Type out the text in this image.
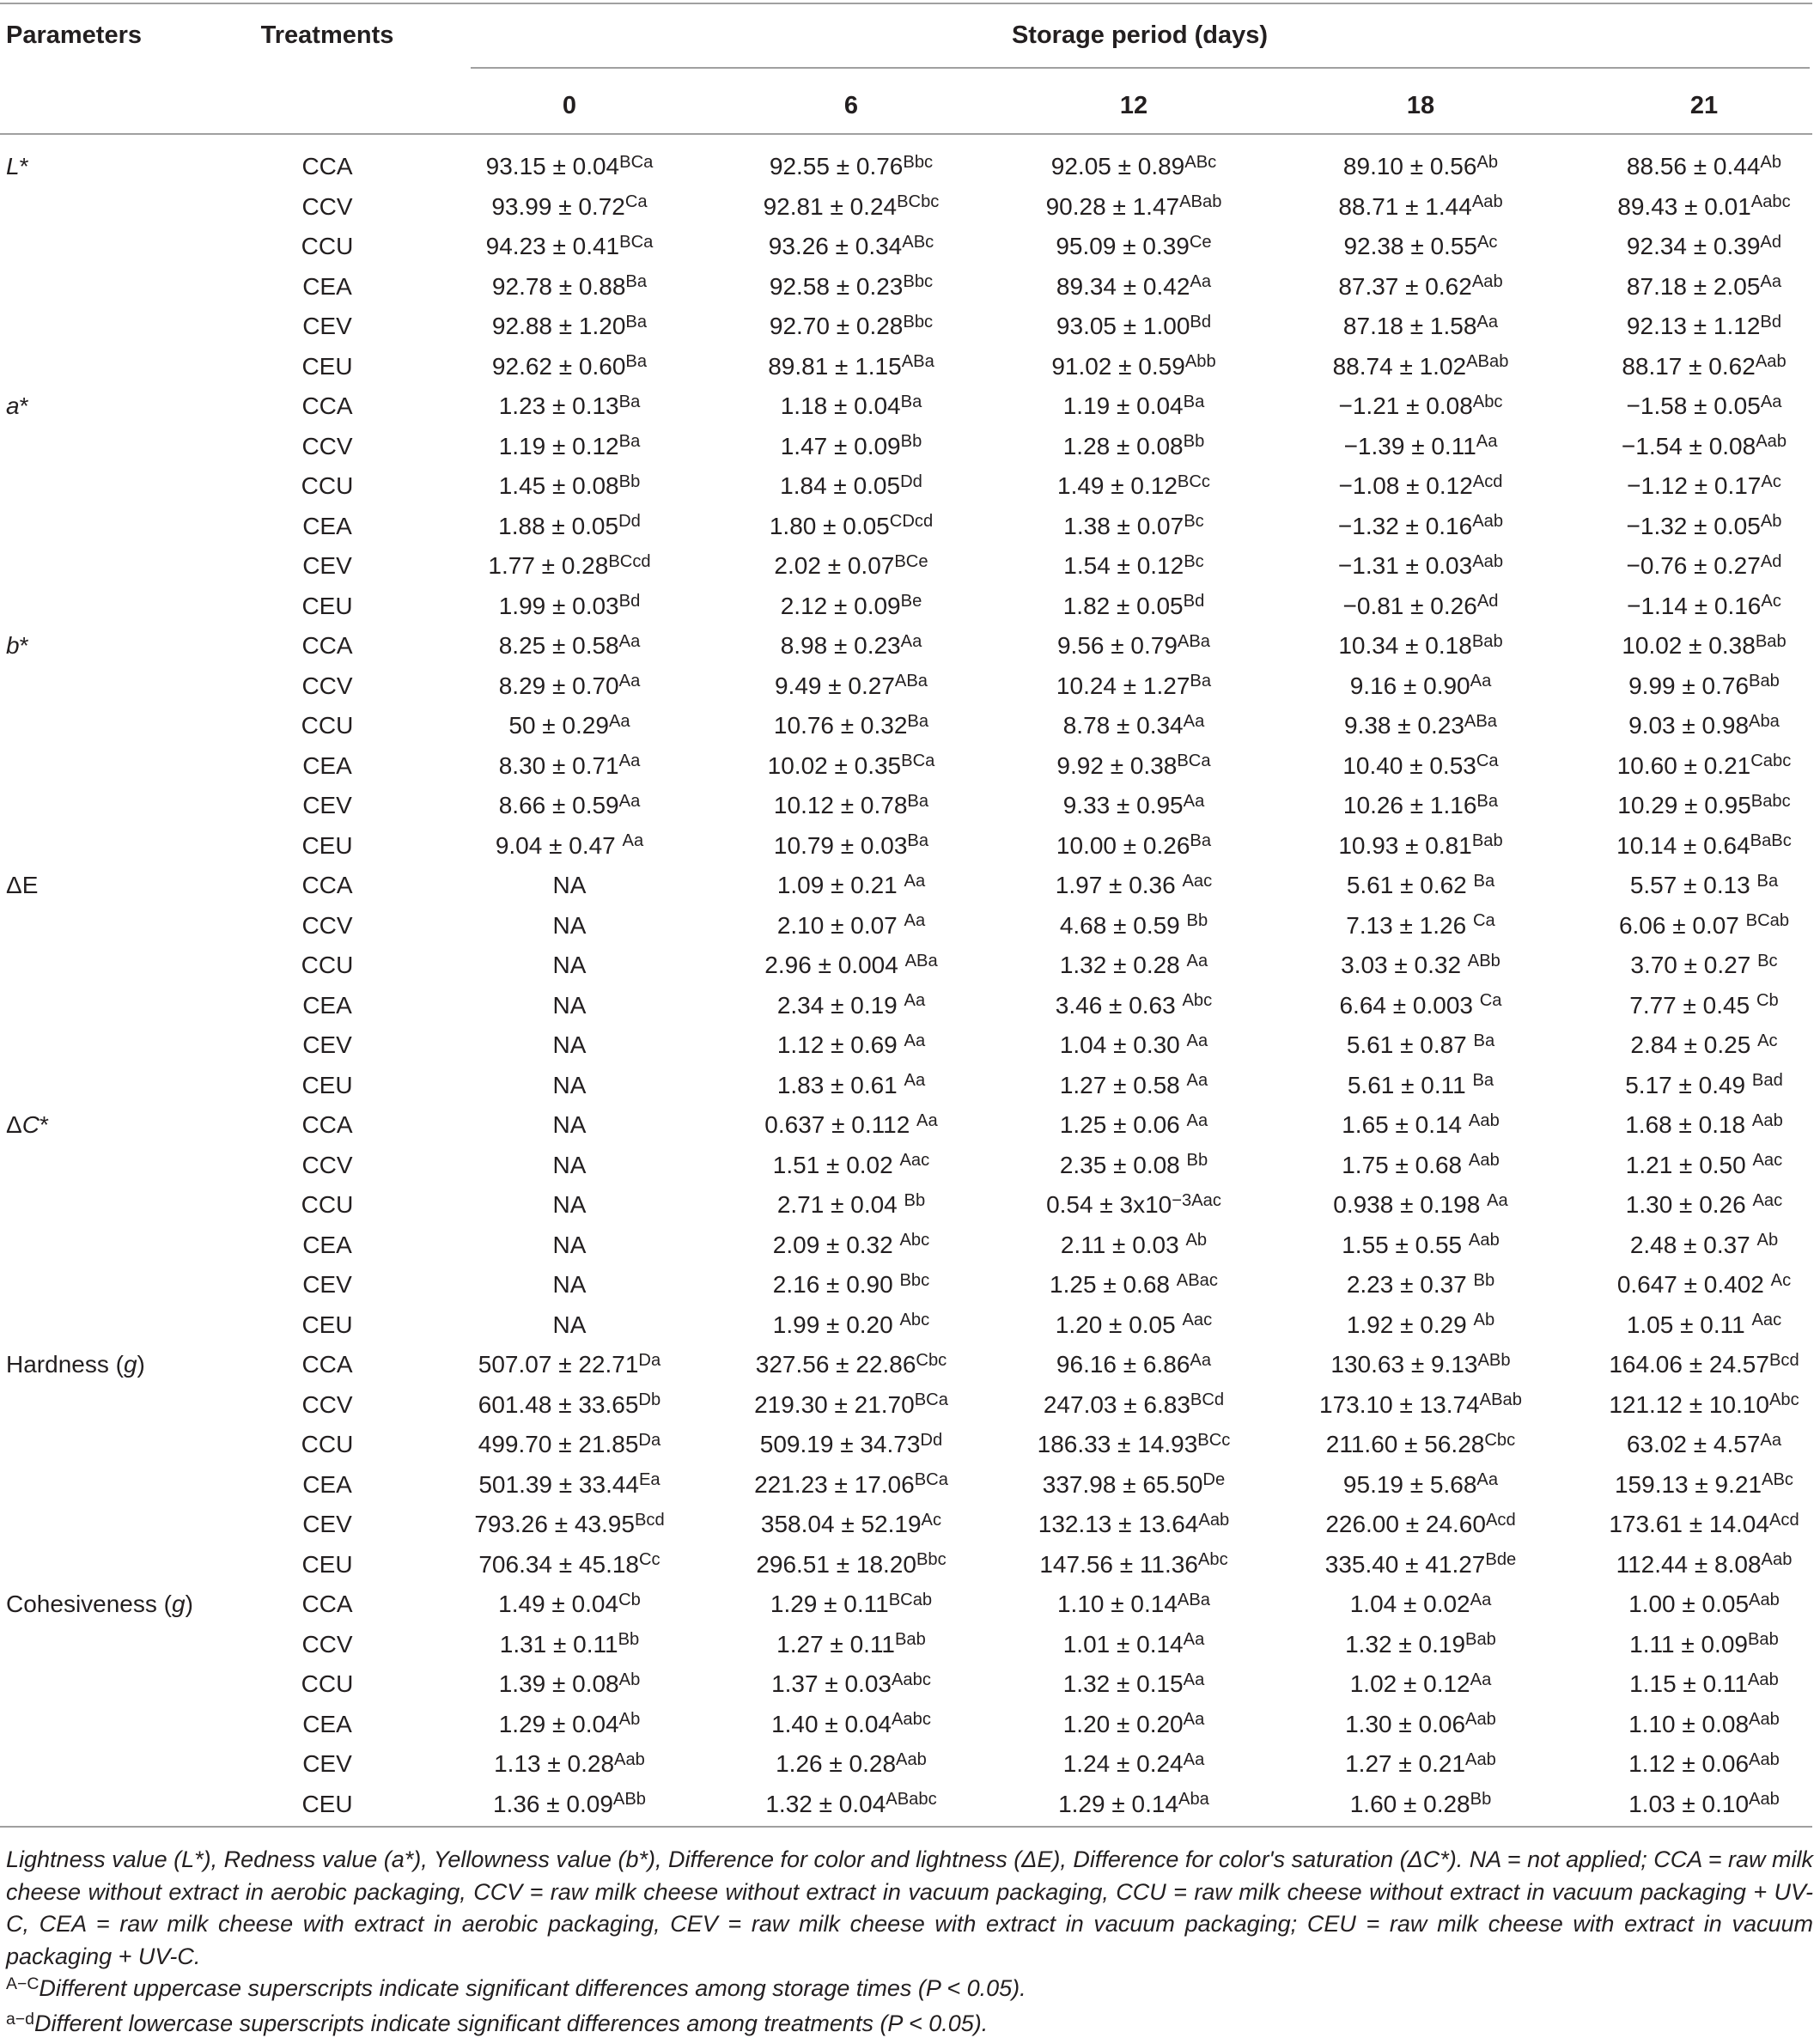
Parameters	Treatments	Storage period (days)
0	6	12	18	21
L*	CCA	$93.15 \pm 0.04^{BCa}$	$92.55 \pm 0.76^{Bbc}$	$92.05 \pm 0.89^{ABc}$	$89.10 \pm 0.56^{Ab}$	$88.56 \pm 0.44^{Ab}$
CCV	$93.99 \pm 0.72^{Ca}$	$92.81 \pm 0.24^{BCbc}$	$90.28 \pm 1.47^{ABab}$	$88.71 \pm 1.44^{Aab}$	$89.43 \pm 0.01^{Aabc}$
CCU	$94.23 \pm 0.41^{BCa}$	$93.26 \pm 0.34^{ABc}$	$95.09 \pm 0.39^{Ce}$	$92.38 \pm 0.55^{Ac}$	$92.34 \pm 0.39^{Ad}$
CEA	$92.78 \pm 0.88^{Ba}$	$92.58 \pm 0.23^{Bbc}$	$89.34 \pm 0.42^{Aa}$	$87.37 \pm 0.62^{Aab}$	$87.18 \pm 2.05^{Aa}$
CEV	$92.88 \pm 1.20^{Ba}$	$92.70 \pm 0.28^{Bbc}$	$93.05 \pm 1.00^{Bd}$	$87.18 \pm 1.58^{Aa}$	$92.13 \pm 1.12^{Bd}$
CEU	$92.62 \pm 0.60^{Ba}$	$89.81 \pm 1.15^{ABa}$	$91.02 \pm 0.59^{Abb}$	$88.74 \pm 1.02^{ABab}$	$88.17 \pm 0.62^{Aab}$
a*	CCA	$1.23 \pm 0.13^{Ba}$	$1.18 \pm 0.04^{Ba}$	$1.19 \pm 0.04^{Ba}$	$-1.21 \pm 0.08^{Abc}$	$-1.58 \pm 0.05^{Aa}$
CCV	$1.19 \pm 0.12^{Ba}$	$1.47 \pm 0.09^{Bb}$	$1.28 \pm 0.08^{Bb}$	$-1.39 \pm 0.11^{Aa}$	$-1.54 \pm 0.08^{Aab}$
CCU	$1.45 \pm 0.08^{Bb}$	$1.84 \pm 0.05^{Dd}$	$1.49 \pm 0.12^{BCc}$	$-1.08 \pm 0.12^{Acd}$	$-1.12 \pm 0.17^{Ac}$
CEA	$1.88 \pm 0.05^{Dd}$	$1.80 \pm 0.05^{CDcd}$	$1.38 \pm 0.07^{Bc}$	$-1.32 \pm 0.16^{Aab}$	$-1.32 \pm 0.05^{Ab}$
CEV	$1.77 \pm 0.28^{BCcd}$	$2.02 \pm 0.07^{BCe}$	$1.54 \pm 0.12^{Bc}$	$-1.31 \pm 0.03^{Aab}$	$-0.76 \pm 0.27^{Ad}$
CEU	$1.99 \pm 0.03^{Bd}$	$2.12 \pm 0.09^{Be}$	$1.82 \pm 0.05^{Bd}$	$-0.81 \pm 0.26^{Ad}$	$-1.14 \pm 0.16^{Ac}$
b*	CCA	$8.25 \pm 0.58^{Aa}$	$8.98 \pm 0.23^{Aa}$	$9.56 \pm 0.79^{ABa}$	$10.34 \pm 0.18^{Bab}$	$10.02 \pm 0.38^{Bab}$
CCV	$8.29 \pm 0.70^{Aa}$	$9.49 \pm 0.27^{ABa}$	$10.24 \pm 1.27^{Ba}$	$9.16 \pm 0.90^{Aa}$	$9.99 \pm 0.76^{Bab}$
CCU	$50 \pm 0.29^{Aa}$	$10.76 \pm 0.32^{Ba}$	$8.78 \pm 0.34^{Aa}$	$9.38 \pm 0.23^{ABa}$	$9.03 \pm 0.98^{Aba}$
CEA	$8.30 \pm 0.71^{Aa}$	$10.02 \pm 0.35^{BCa}$	$9.92 \pm 0.38^{BCa}$	$10.40 \pm 0.53^{Ca}$	$10.60 \pm 0.21^{Cabc}$
CEV	$8.66 \pm 0.59^{Aa}$	$10.12 \pm 0.78^{Ba}$	$9.33 \pm 0.95^{Aa}$	$10.26 \pm 1.16^{Ba}$	$10.29 \pm 0.95^{Babc}$
CEU	9.04 ± 0.47 $^{Aa}$	$10.79 \pm 0.03^{Ba}$	$10.00 \pm 0.26^{Ba}$	$10.93 \pm 0.81^{Bab}$	$10.14 \pm 0.64^{BaBc}$
ΔE	CCA	NA	1.09 ± 0.21 $^{Aa}$	1.97 ± 0.36 $^{Aac}$	5.61 ± 0.62 $^{Ba}$	5.57 ± 0.13 $^{Ba}$
CCV	NA	2.10 ± 0.07 $^{Aa}$	4.68 ± 0.59 $^{Bb}$	7.13 ± 1.26 $^{Ca}$	6.06 ± 0.07 $^{BCab}$
CCU	NA	2.96 ± 0.004 $^{ABa}$	1.32 ± 0.28 $^{Aa}$	3.03 ± 0.32 $^{ABb}$	3.70 ± 0.27 $^{Bc}$
CEA	NA	2.34 ± 0.19 $^{Aa}$	3.46 ± 0.63 $^{Abc}$	6.64 ± 0.003 $^{Ca}$	7.77 ± 0.45 $^{Cb}$
CEV	NA	1.12 ± 0.69 $^{Aa}$	1.04 ± 0.30 $^{Aa}$	5.61 ± 0.87 $^{Ba}$	2.84 ± 0.25 $^{Ac}$
CEU	NA	1.83 ± 0.61 $^{Aa}$	1.27 ± 0.58 $^{Aa}$	5.61 ± 0.11 $^{Ba}$	5.17 ± 0.49 $^{Bad}$
ΔC*	CCA	NA	0.637 ± 0.112 $^{Aa}$	1.25 ± 0.06 $^{Aa}$	1.65 ± 0.14 $^{Aab}$	1.68 ± 0.18 $^{Aab}$
CCV	NA	1.51 ± 0.02 $^{Aac}$	2.35 ± 0.08 $^{Bb}$	1.75 ± 0.68 $^{Aab}$	1.21 ± 0.50 $^{Aac}$
CCU	NA	2.71 ± 0.04 $^{Bb}$	$0.54 \pm 3x10^{-3Aac}$	0.938 ± 0.198 $^{Aa}$	1.30 ± 0.26 $^{Aac}$
CEA	NA	2.09 ± 0.32 $^{Abc}$	2.11 ± 0.03 $^{Ab}$	1.55 ± 0.55 $^{Aab}$	2.48 ± 0.37 $^{Ab}$
CEV	NA	2.16 ± 0.90 $^{Bbc}$	1.25 ± 0.68 $^{ABac}$	2.23 ± 0.37 $^{Bb}$	0.647 ± 0.402 $^{Ac}$
CEU	NA	1.99 ± 0.20 $^{Abc}$	1.20 ± 0.05 $^{Aac}$	1.92 ± 0.29 $^{Ab}$	1.05 ± 0.11 $^{Aac}$
Hardness (g)	CCA	$507.07 \pm 22.71^{Da}$	$327.56 \pm 22.86^{Cbc}$	$96.16 \pm 6.86^{Aa}$	$130.63 \pm 9.13^{ABb}$	$164.06 \pm 24.57^{Bcd}$
CCV	$601.48 \pm 33.65^{Db}$	$219.30 \pm 21.70^{BCa}$	$247.03 \pm 6.83^{BCd}$	$173.10 \pm 13.74^{ABab}$	$121.12 \pm 10.10^{Abc}$
CCU	$499.70 \pm 21.85^{Da}$	$509.19 \pm 34.73^{Dd}$	$186.33 \pm 14.93^{BCc}$	$211.60 \pm 56.28^{Cbc}$	$63.02 \pm 4.57^{Aa}$
CEA	$501.39 \pm 33.44^{Ea}$	$221.23 \pm 17.06^{BCa}$	337.98 ± 65.50De	$95.19 \pm 5.68^{Aa}$	$159.13 \pm 9.21^{ABc}$
CEV	$793.26 \pm 43.95^{Bcd}$	$358.04 \pm 52.19^{Ac}$	$132.13 \pm 13.64^{Aab}$	$226.00 \pm 24.60^{Acd}$	$173.61 \pm 14.04^{Acd}$
CEU	$706.34 \pm 45.18^{Cc}$	$296.51 \pm 18.20^{Bbc}$	$147.56 \pm 11.36^{Abc}$	$335.40 \pm 41.27^{Bde}$	$112.44 \pm 8.08^{Aab}$
Cohesiveness (g)	CCA	$1.49 \pm 0.04^{Cb}$	$1.29 \pm 0.11^{BCab}$	$1.10 \pm 0.14^{ABa}$	$1.04 \pm 0.02^{Aa}$	$1.00 \pm 0.05^{Aab}$
CCV	$1.31 \pm 0.11^{Bb}$	$1.27 \pm 0.11^{Bab}$	$1.01 \pm 0.14^{Aa}$	$1.32 \pm 0.19^{Bab}$	$1.11 \pm 0.09^{Bab}$
CCU	$1.39 \pm 0.08^{Ab}$	$1.37 \pm 0.03^{Aabc}$	$1.32 \pm 0.15^{Aa}$	$1.02 \pm 0.12^{Aa}$	$1.15 \pm 0.11^{Aab}$
CEA	$1.29 \pm 0.04^{Ab}$	$1.40 \pm 0.04^{Aabc}$	$1.20 \pm 0.20^{Aa}$	$1.30 \pm 0.06^{Aab}$	$1.10 \pm 0.08^{Aab}$
CEV	$1.13 \pm 0.28^{Aab}$	$1.26 \pm 0.28^{Aab}$	$1.24 \pm 0.24^{Aa}$	$1.27 \pm 0.21^{Aab}$	$1.12 \pm 0.06^{Aab}$
CEU	$1.36 \pm 0.09^{ABb}$	$1.32 \pm 0.04^{ABabc}$	$1.29 \pm 0.14^{Aba}$	$1.60 \pm 0.28^{Bb}$	$1.03 \pm 0.10^{Aab}$

Lightness value (L*), Redness value (a*), Yellowness value (b*), Difference for color and lightness (ΔE), Difference for color's saturation (ΔC*). NA = not applied; CCA = raw milk cheese without extract in aerobic packaging, CCV = raw milk cheese without extract in vacuum packaging, CCU = raw milk cheese without extract in vacuum packaging + UV-C, CEA = raw milk cheese with extract in aerobic packaging, CEV = raw milk cheese with extract in vacuum packaging; CEU = raw milk cheese with extract in vacuum packaging + UV-C.

$^{A-C}$Different uppercase superscripts indicate significant differences among storage times (P < 0.05).

$^{a-d}$Different lowercase superscripts indicate significant differences among treatments (P < 0.05).
